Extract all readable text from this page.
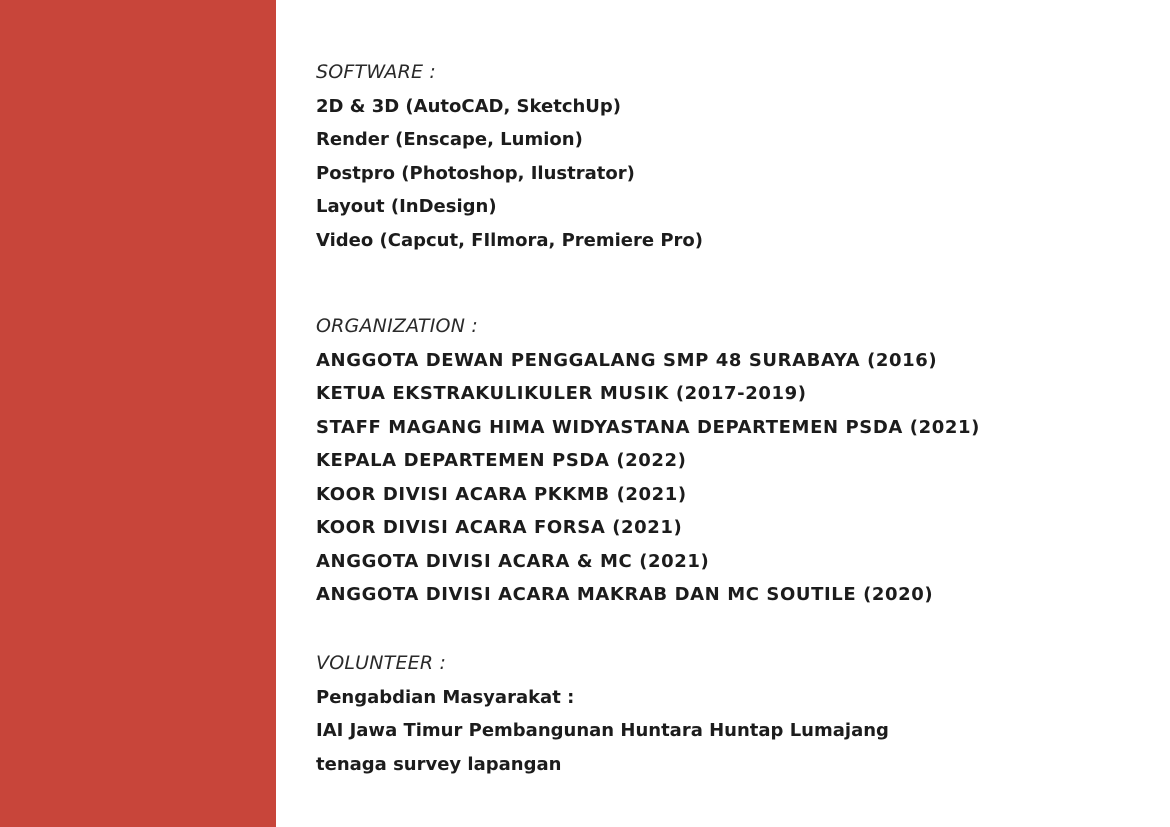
SOFTWARE :
2D & 3D (AutoCAD, SketchUp)
Render (Enscape, Lumion)
Postpro (Photoshop, Ilustrator)
Layout (InDesign)
Video (Capcut, FIlmora, Premiere Pro)
ORGANIZATION :
ANGGOTA DEWAN PENGGALANG SMP 48 SURABAYA (2016)
KETUA EKSTRAKULIKULER MUSIK (2017-2019)
STAFF MAGANG HIMA WIDYASTANA DEPARTEMEN PSDA (2021)
KEPALA DEPARTEMEN PSDA (2022)
KOOR DIVISI ACARA PKKMB (2021)
KOOR DIVISI ACARA FORSA (2021)
ANGGOTA DIVISI ACARA & MC (2021)
ANGGOTA DIVISI ACARA MAKRAB DAN MC SOUTILE (2020)
VOLUNTEER :
Pengabdian Masyarakat :
IAI Jawa Timur Pembangunan Huntara Huntap Lumajang
tenaga survey lapangan
